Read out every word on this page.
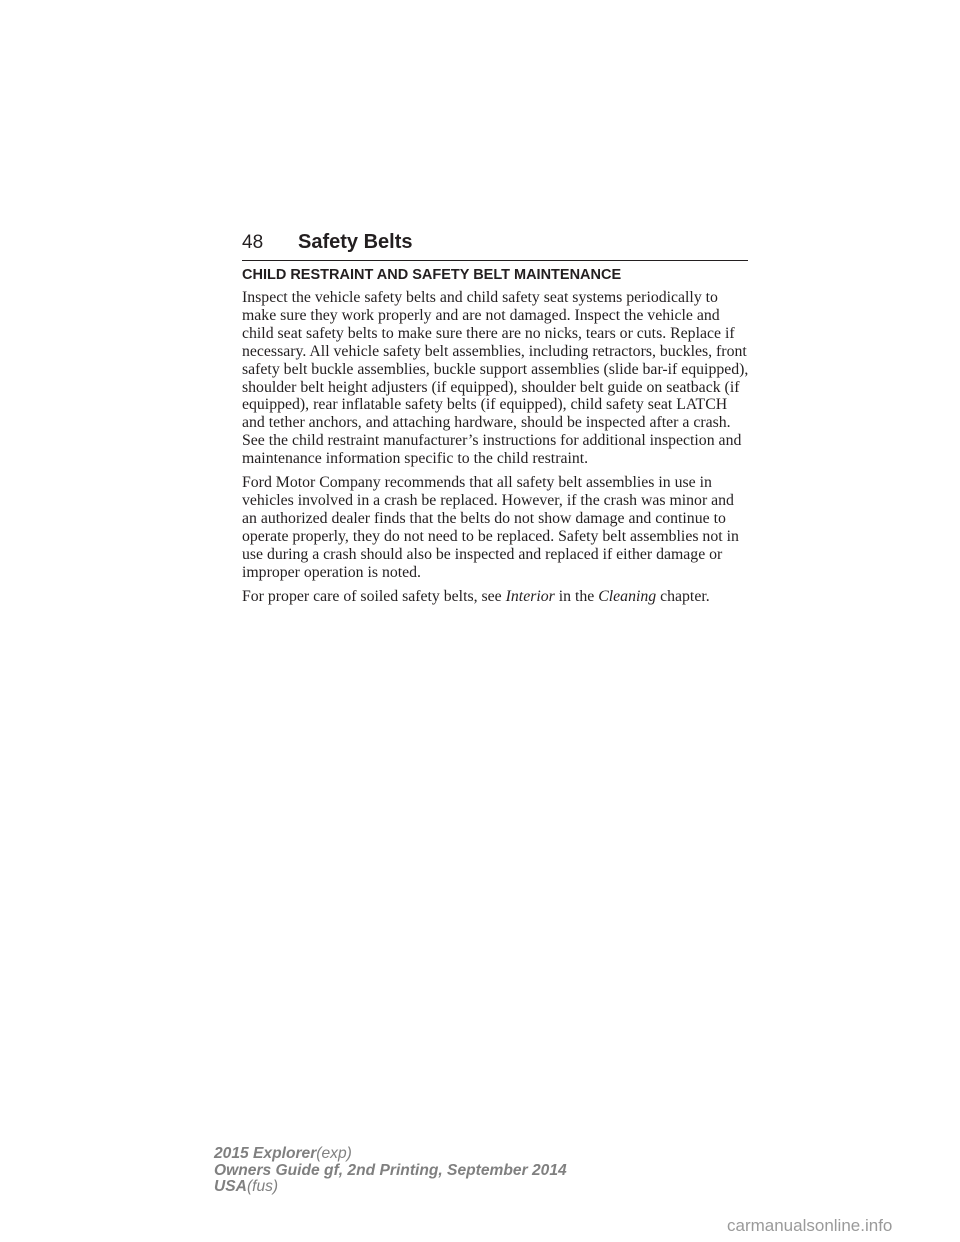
48 Safety Belts
CHILD RESTRAINT AND SAFETY BELT MAINTENANCE

Inspect the vehicle safety belts and child safety seat systems periodically to make sure they work properly and are not damaged. Inspect the vehicle and child seat safety belts to make sure there are no nicks, tears or cuts. Replace if necessary. All vehicle safety belt assemblies, including retractors, buckles, front safety belt buckle assemblies, buckle support assemblies (slide bar-if equipped), shoulder belt height adjusters (if equipped), shoulder belt guide on seatback (if equipped), rear inflatable safety belts (if equipped), child safety seat LATCH and tether anchors, and attaching hardware, should be inspected after a crash. See the child restraint manufacturer’s instructions for additional inspection and maintenance information specific to the child restraint.

Ford Motor Company recommends that all safety belt assemblies in use in vehicles involved in a crash be replaced. However, if the crash was minor and an authorized dealer finds that the belts do not show damage and continue to operate properly, they do not need to be replaced. Safety belt assemblies not in use during a crash should also be inspected and replaced if either damage or improper operation is noted.

For proper care of soiled safety belts, see Interior in the Cleaning chapter.

2015 Explorer(exp)
Owners Guide gf, 2nd Printing, September 2014
USA(fus)
carmanualsonline.info
